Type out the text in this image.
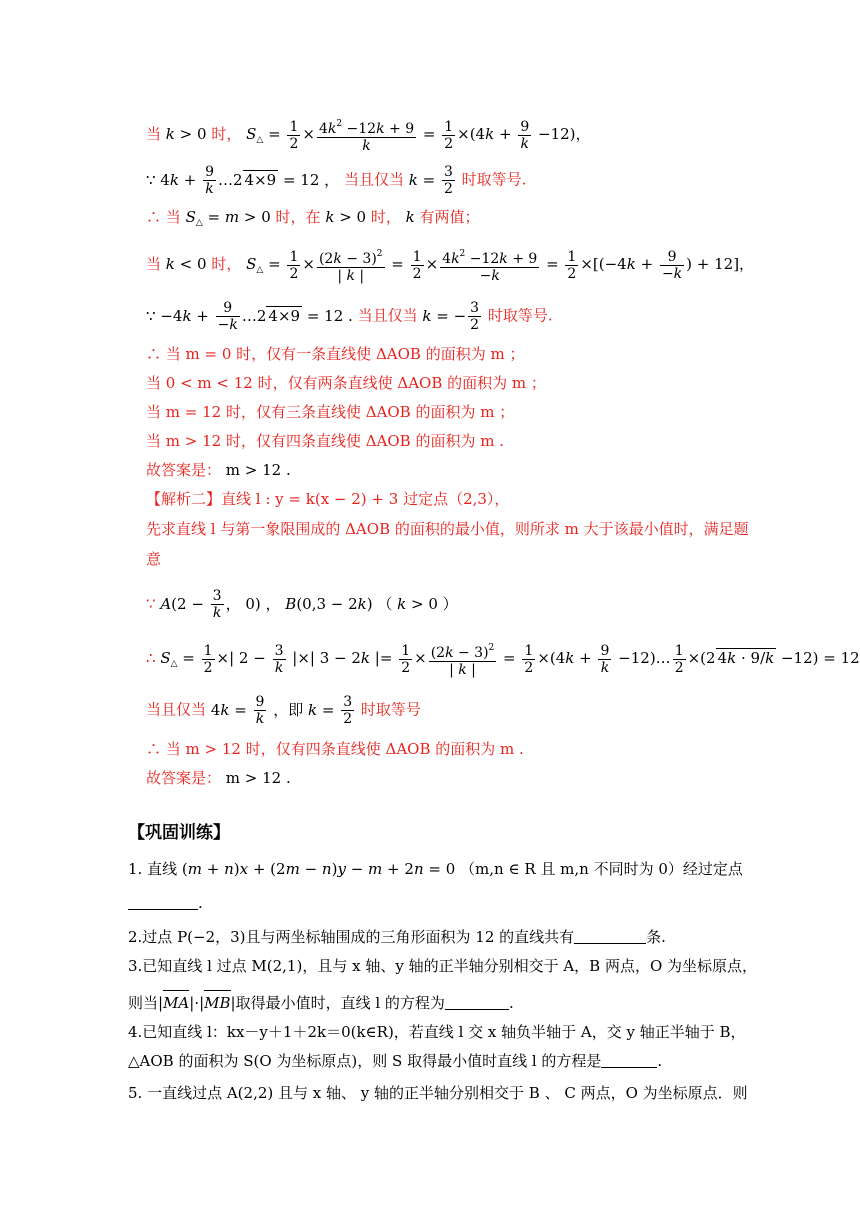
当 k > 0 时， $S_\triangle = \frac{1}{2} \times \frac{4k^2 -12k + 9}{k} = \frac{1}{2} \times(4k + \frac{9}{k} -12)$，
∵ $4k + \frac{9}{k}$ …2 4×9 = 12 ， 当且仅当 $k = \frac{3}{2}$ 时取等号.
∴ 当 $S_\triangle = m > 0$ 时，在 k > 0 时， k 有两值；
当 k < 0 时， $S_\triangle = \frac{1}{2} \times \frac{(2k - 3)^2}{| k |} = \frac{1}{2} \times \frac{4k^2 -12k + 9}{-k} = \frac{1}{2} \times[(-4k + \frac{9}{-k}$ ) + 12]，
∵ $-4k + \frac{9}{-k}$ …2 4×9 = 12 . 当且仅当 k = − $\frac{3}{2}$ 时取等号.
∴ 当 m = 0 时，仅有一条直线使 ΔAOB 的面积为 m ；
当 0 < m < 12 时，仅有两条直线使 ΔAOB 的面积为 m ；
当 m = 12 时，仅有三条直线使 ΔAOB 的面积为 m ；
当 m > 12 时，仅有四条直线使 ΔAOB 的面积为 m .
故答案是： m > 12 .
【解析二】直线 l : y = k(x − 2) + 3 过定点（2,3），
先求直线 l 与第一象限围成的 ΔAOB 的面积的最小值，则所求 m 大于该最小值时，满足题
意
∵ $A(2 - \frac{3}{k}$ ， 0) ， B(0,3 − 2k) （ k > 0 ）
∴ $S_\triangle = \frac{1}{2}$ ×| $2 - \frac{3}{k}$ |×| 3 − 2k |= $\frac{1}{2} \times \frac{(2k - 3)^2}{| k |} = \frac{1}{2} \times(4k + \frac{9}{k}$ −12)… $\frac{1}{2} \times(2$ 4k · 9/k −12) = 12
当且仅当 $4k = \frac{9}{k}$ ，即 $k = \frac{3}{2}$ 时取等号
∴ 当 m > 12 时，仅有四条直线使 ΔAOB 的面积为 m .
故答案是： m > 12 .
【巩固训练】
1. 直线 (m + n)x + (2m − n)y − m + 2n = 0 （m,n ∈ R 且 m,n 不同时为 0）经过定点
.
2.过点 P(−2，3)且与两坐标轴围成的三角形面积为 12 的直线共有	条.
3.已知直线 l 过点 M(2,1)，且与 x 轴、y 轴的正半轴分别相交于 A，B 两点，O 为坐标原点，
则当|MA|·|MB|取得最小值时，直线 l 的方程为	.
4.已知直线 l：kx－y＋1＋2k＝0(k∈R)，若直线 l 交 x 轴负半轴于 A，交 y 轴正半轴于 B，
△AOB 的面积为 S(O 为坐标原点)，则 S 取得最小值时直线 l 的方程是	.
5. 一直线过点 A(2,2) 且与 x 轴、 y 轴的正半轴分别相交于 B 、 C 两点，O 为坐标原点．则
